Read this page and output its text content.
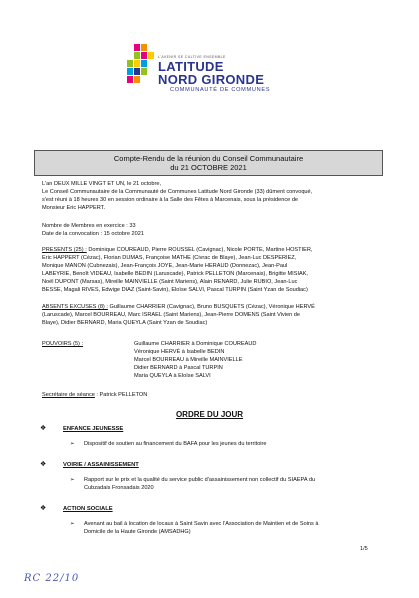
L'AVENIR SE CULTIVE ENSEMBLE
LATITUDE
NORD GIRONDE
COMMUNAUTÉ DE COMMUNES
Compte-Rendu de la réunion du Conseil Communautaire
du 21 OCTOBRE 2021
L'an DEUX MILLE VINGT ET UN, le 21 octobre,
Le Conseil Communautaire de la Communauté de Communes Latitude Nord Gironde (33) dûment convoqué,
s'est réuni à 18 heures 30 en session ordinaire à la Salle des Fêtes à Marcenais, sous la présidence de
Monsieur Eric HAPPERT.
Nombre de Membres en exercice : 33
Date de la convocation : 15 octobre 2021
PRESENTS (25) : Dominique COUREAUD, Pierre ROUSSEL (Cavignac), Nicole PORTE, Martine HOSTIER,
Eric HAPPERT (Cézac), Florian DUMAS, Françoise MATHE (Civrac de Blaye), Jean-Luc DESPERIEZ,
Monique MANON (Cubnezais), Jean-François JOYE, Jean-Marie HERAUD (Donnezac), Jean-Paul
LABEYRIE, Benoît VIDEAU, Isabelle BEDIN (Laruscade), Patrick PELLETON (Marcenais), Brigitte MISIAK,
Noël DUPONT (Marsas), Mireille MAINVIELLE (Saint Mariens), Alain RENARD, Julie RUBIO, Jean-Luc
BESSE, Magali RIVES, Edwige DIAZ (Saint-Savin), Eloïse SALVI, Pascal TURPIN (Saint Yzan de Soudiac)
ABSENTS EXCUSES (8) : Guillaume CHARRIER (Cavignac), Bruno BUSQUETS (Cézac), Véronique HERVÉ
(Laruscade), Marcel BOURREAU, Marc ISRAEL (Saint Mariens), Jean-Pierre DOMENS (Saint Vivien de
Blaye), Didier BERNARD, Maria QUEYLA (Saint Yzan de Soudiac)
POUVOIRS (5) :	Guillaume CHARRIER à Dominique COUREAUD
Véronique HERVÉ à Isabelle BEDIN
Marcel BOURREAU à Mireille MAINVIELLE
Didier BERNARD à Pascal TURPIN
Maria QUEYLA à Eloïse SALVI
Secrétaire de séance : Patrick PELLETON
ORDRE DU JOUR
❖	ENFANCE JEUNESSE
➢ Dispositif de soutien au financement du BAFA pour les jeunes du territoire
❖	VOIRIE / ASSAINISSEMENT
➢ Rapport sur le prix et la qualité du service public d'assainissement non collectif du SIAEPA du
Cubzadais Fronsadais 2020
❖	ACTION SOCIALE
➢ Avenant au bail à location de locaux à Saint Savin avec l'Association de Maintien et de Soins à
Domicile de la Haute Gironde (AMSADHG)
1/5
RC 22/10
